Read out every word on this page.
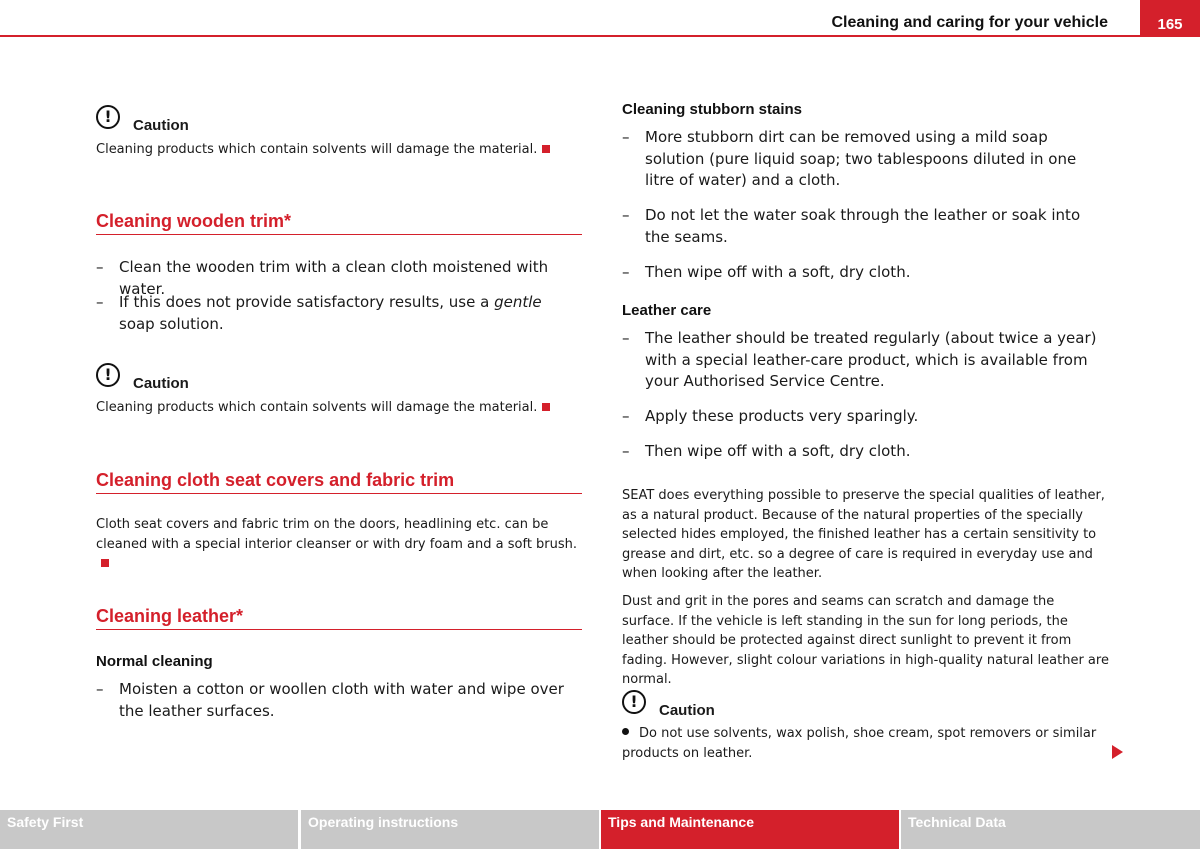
Cleaning and caring for your vehicle	165
!	Caution
Cleaning products which contain solvents will damage the material.
Cleaning wooden trim*
– Clean the wooden trim with a clean cloth moistened with water.
– If this does not provide satisfactory results, use a gentle soap solution.
!	Caution
Cleaning products which contain solvents will damage the material.
Cleaning cloth seat covers and fabric trim
Cloth seat covers and fabric trim on the doors, headlining etc. can be cleaned with a special interior cleanser or with dry foam and a soft brush.
Cleaning leather*
Normal cleaning
– Moisten a cotton or woollen cloth with water and wipe over the leather surfaces.
Cleaning stubborn stains
– More stubborn dirt can be removed using a mild soap solution (pure liquid soap; two tablespoons diluted in one litre of water) and a cloth.
– Do not let the water soak through the leather or soak into the seams.
– Then wipe off with a soft, dry cloth.
Leather care
– The leather should be treated regularly (about twice a year) with a special leather-care product, which is available from your Authorised Service Centre.
– Apply these products very sparingly.
– Then wipe off with a soft, dry cloth.
SEAT does everything possible to preserve the special qualities of leather, as a natural product. Because of the natural properties of the specially selected hides employed, the finished leather has a certain sensitivity to grease and dirt, etc. so a degree of care is required in everyday use and when looking after the leather.
Dust and grit in the pores and seams can scratch and damage the surface. If the vehicle is left standing in the sun for long periods, the leather should be protected against direct sunlight to prevent it from fading. However, slight colour variations in high-quality natural leather are normal.
!	Caution
Do not use solvents, wax polish, shoe cream, spot removers or similar products on leather.
Safety First	Operating instructions	Tips and Maintenance	Technical Data
